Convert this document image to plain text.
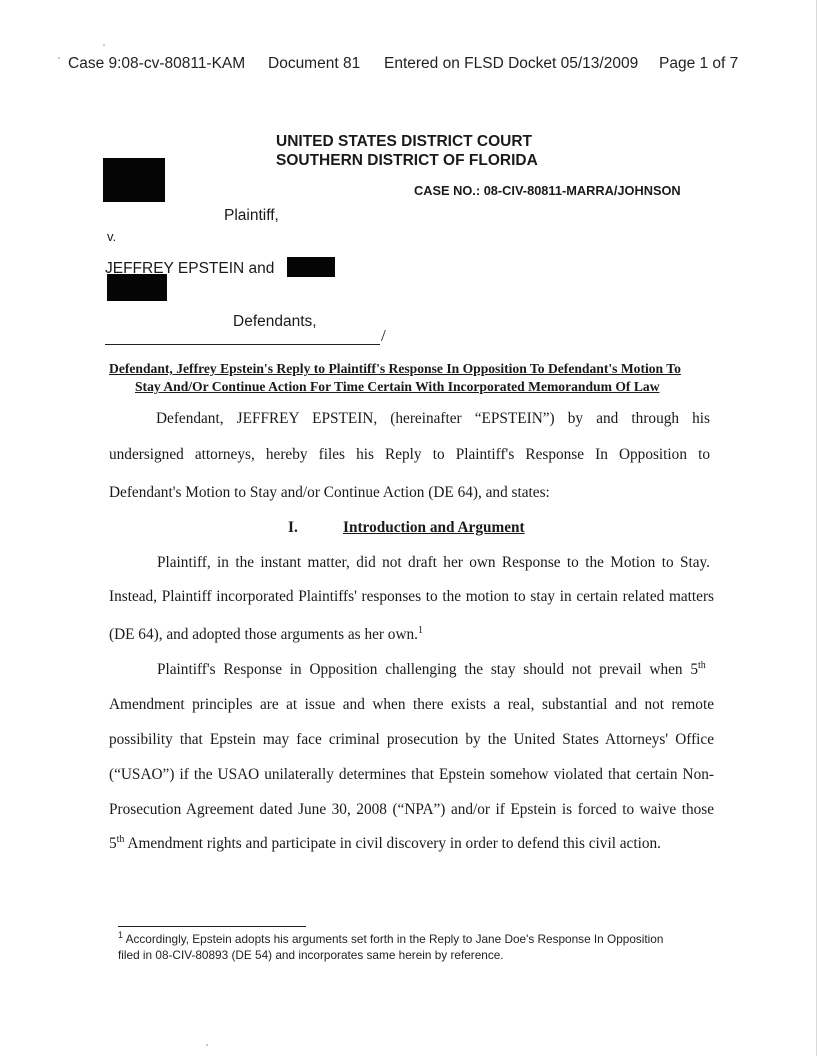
Case 9:08-cv-80811-KAM Document 81 Entered on FLSD Docket 05/13/2009 Page 1 of 7
UNITED STATES DISTRICT COURT
SOUTHERN DISTRICT OF FLORIDA
CASE NO.: 08-CIV-80811-MARRA/JOHNSON
Plaintiff,
v.
JEFFREY EPSTEIN and
Defendants,
/
Defendant, Jeffrey Epstein's Reply to Plaintiff's Response In Opposition To Defendant's Motion To
Stay And/Or Continue Action For Time Certain With Incorporated Memorandum Of Law
Defendant, JEFFREY EPSTEIN, (hereinafter “EPSTEIN”) by and through his
undersigned attorneys, hereby files his Reply to Plaintiff's Response In Opposition to
Defendant's Motion to Stay and/or Continue Action (DE 64), and states:
I.	Introduction and Argument
Plaintiff, in the instant matter, did not draft her own Response to the Motion to Stay.
Instead, Plaintiff incorporated Plaintiffs' responses to the motion to stay in certain related matters
(DE 64), and adopted those arguments as her own.$^1$
Plaintiff's Response in Opposition challenging the stay should not prevail when 5th
Amendment principles are at issue and when there exists a real, substantial and not remote
possibility that Epstein may face criminal prosecution by the United States Attorneys' Office
(“USAO”) if the USAO unilaterally determines that Epstein somehow violated that certain Non-
Prosecution Agreement dated June 30, 2008 (“NPA”) and/or if Epstein is forced to waive those
5th Amendment rights and participate in civil discovery in order to defend this civil action.
$^1$ Accordingly, Epstein adopts his arguments set forth in the Reply to Jane Doe's Response In Opposition
filed in 08-CIV-80893 (DE 54) and incorporates same herein by reference.
